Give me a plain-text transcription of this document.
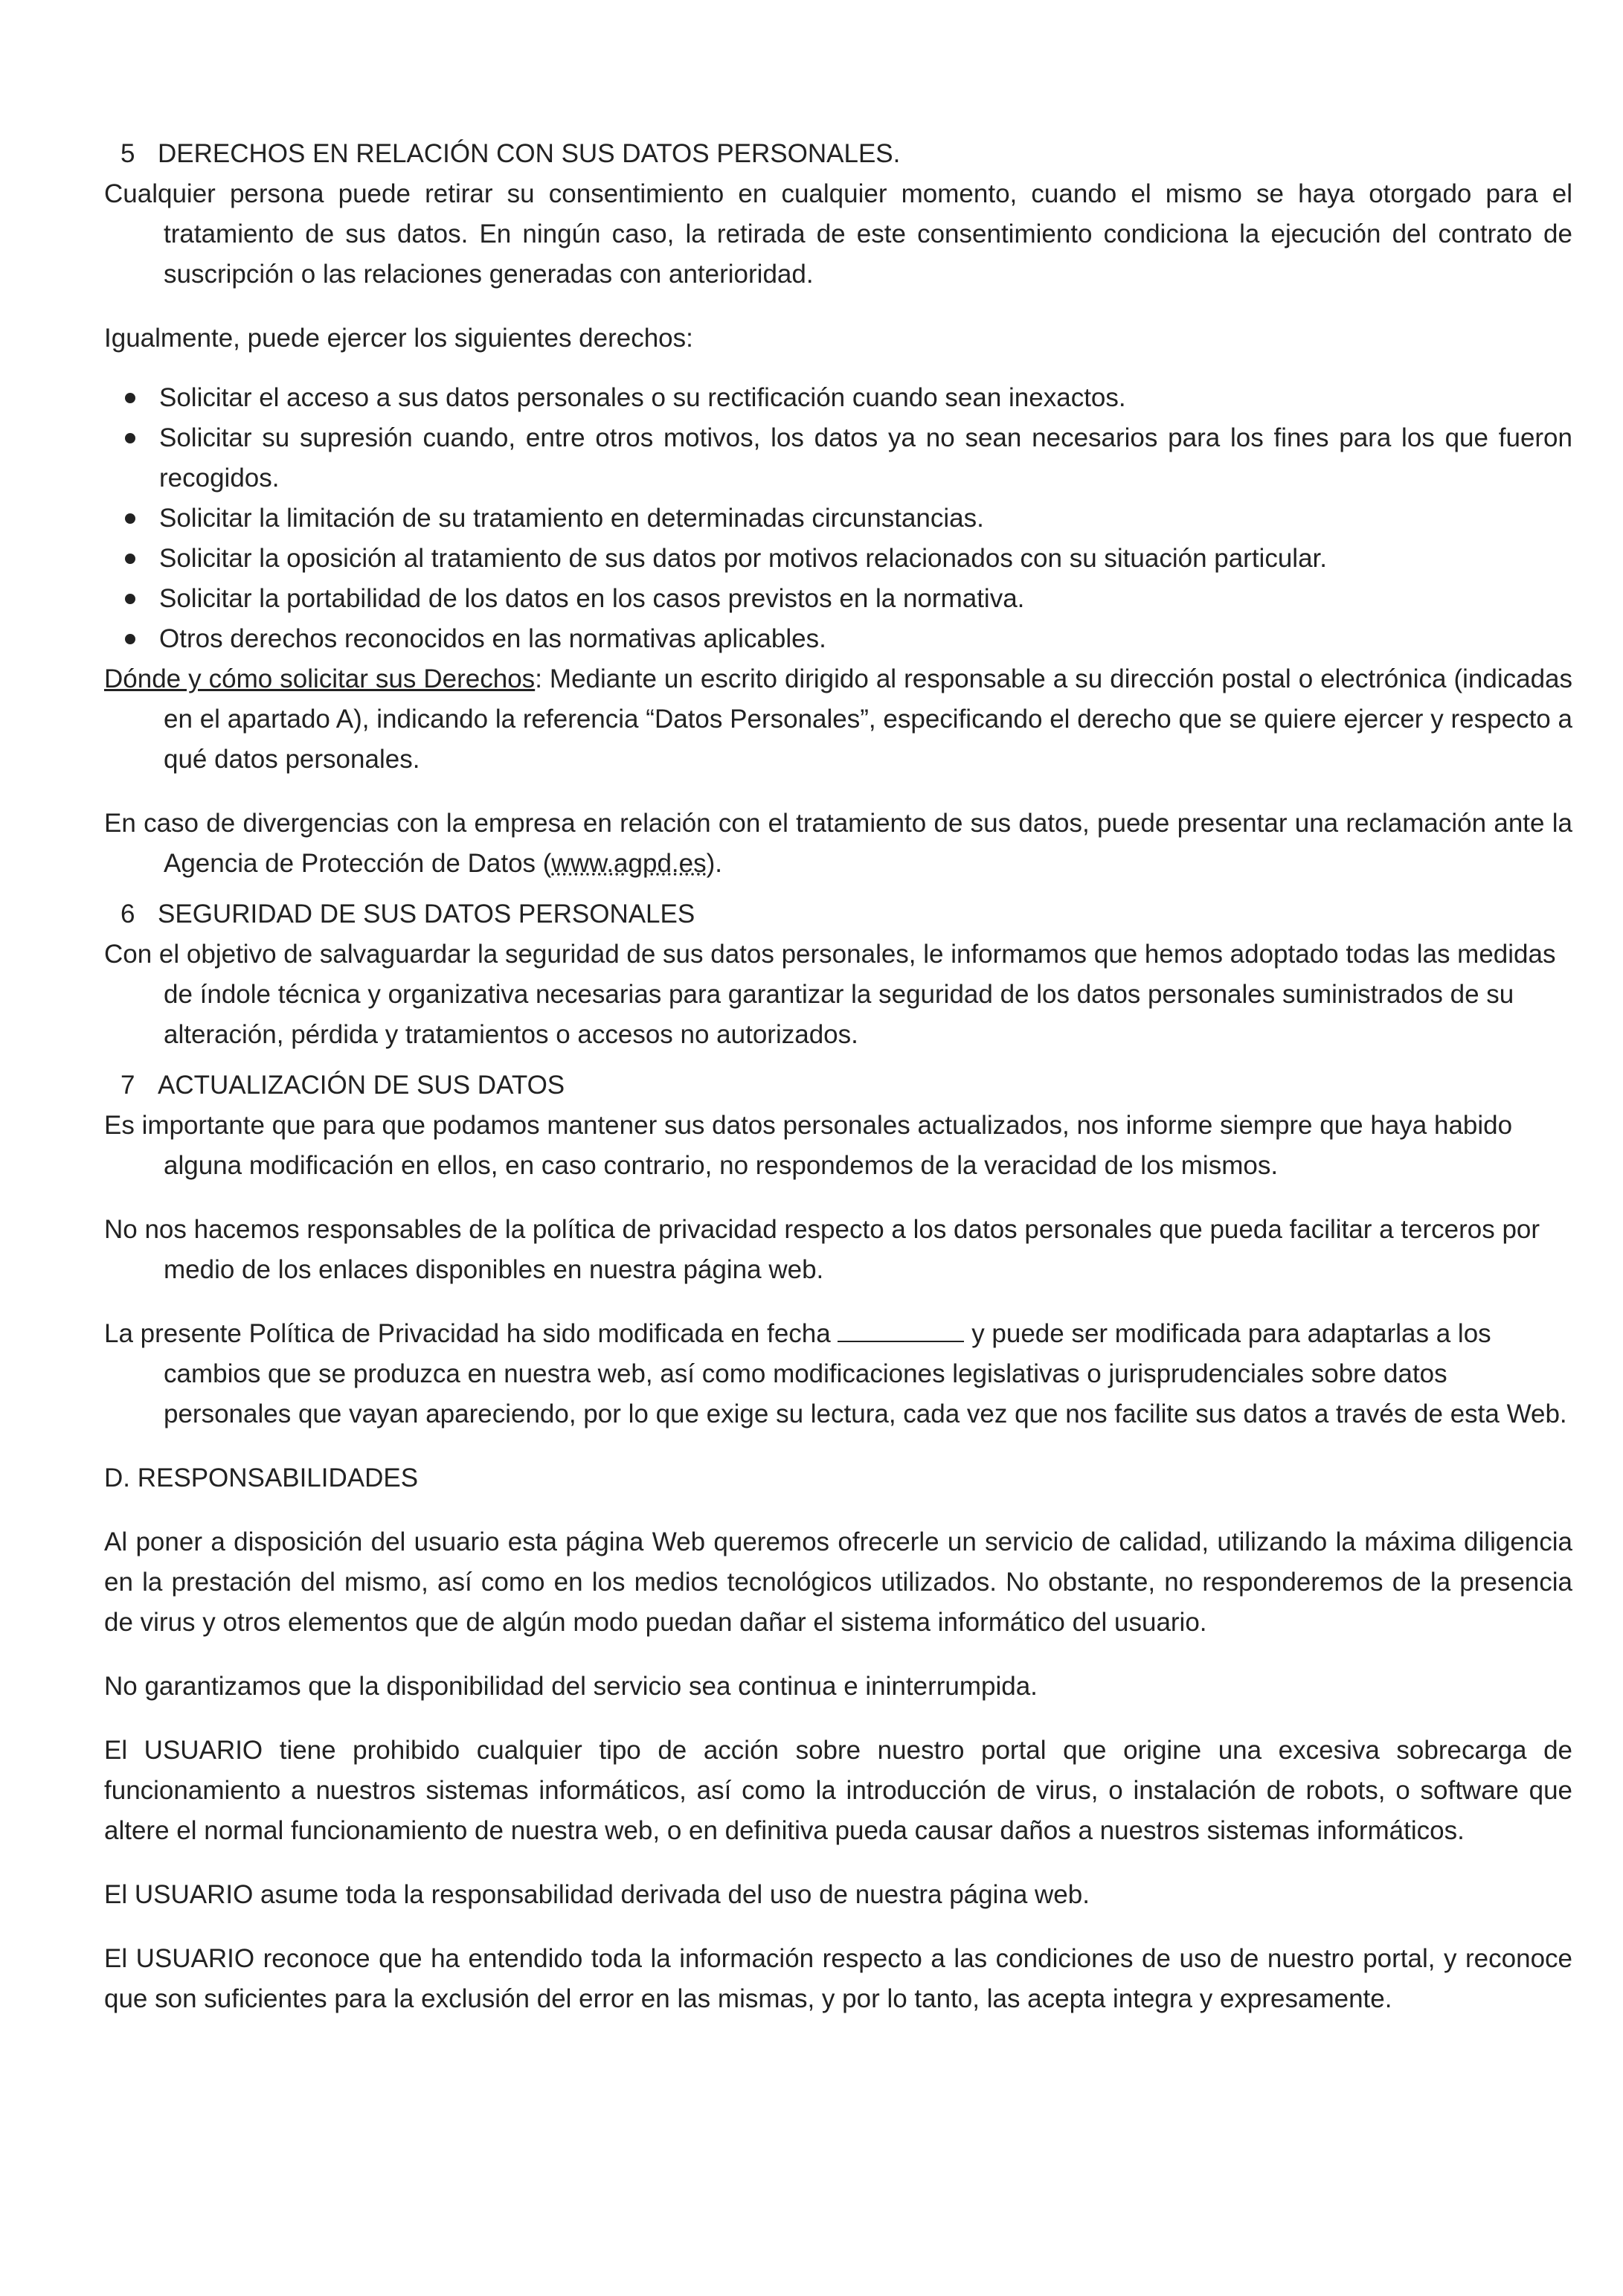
5 DERECHOS EN RELACIÓN CON SUS DATOS PERSONALES.

Cualquier persona puede retirar su consentimiento en cualquier momento, cuando el mismo se haya otorgado para el tratamiento de sus datos. En ningún caso, la retirada de este consentimiento condiciona la ejecución del contrato de suscripción o las relaciones generadas con anterioridad.

Igualmente, puede ejercer los siguientes derechos:

Solicitar el acceso a sus datos personales o su rectificación cuando sean inexactos.
Solicitar su supresión cuando, entre otros motivos, los datos ya no sean necesarios para los fines para los que fueron recogidos.
Solicitar la limitación de su tratamiento en determinadas circunstancias.
Solicitar la oposición al tratamiento de sus datos por motivos relacionados con su situación particular.
Solicitar la portabilidad de los datos en los casos previstos en la normativa.
Otros derechos reconocidos en las normativas aplicables.

Dónde y cómo solicitar sus Derechos: Mediante un escrito dirigido al responsable a su dirección postal o electrónica (indicadas en el apartado A), indicando la referencia “Datos Personales”, especificando el derecho que se quiere ejercer y respecto a qué datos personales.

En caso de divergencias con la empresa en relación con el tratamiento de sus datos, puede presentar una reclamación ante la Agencia de Protección de Datos (www.agpd.es).

6 SEGURIDAD DE SUS DATOS PERSONALES

Con el objetivo de salvaguardar la seguridad de sus datos personales, le informamos que hemos adoptado todas las medidas de índole técnica y organizativa necesarias para garantizar la seguridad de los datos personales suministrados de su alteración, pérdida y tratamientos o accesos no autorizados.

7 ACTUALIZACIÓN DE SUS DATOS

Es importante que para que podamos mantener sus datos personales actualizados, nos informe siempre que haya habido alguna modificación en ellos, en caso contrario, no respondemos de la veracidad de los mismos.

No nos hacemos responsables de la política de privacidad respecto a los datos personales que pueda facilitar a terceros por medio de los enlaces disponibles en nuestra página web.

La presente Política de Privacidad ha sido modificada en fecha	y puede ser modificada para adaptarlas a los cambios que se produzca en nuestra web, así como modificaciones legislativas o jurisprudenciales sobre datos personales que vayan apareciendo, por lo que exige su lectura, cada vez que nos facilite sus datos a través de esta Web.

D. RESPONSABILIDADES

Al poner a disposición del usuario esta página Web queremos ofrecerle un servicio de calidad, utilizando la máxima diligencia en la prestación del mismo, así como en los medios tecnológicos utilizados. No obstante, no responderemos de la presencia de virus y otros elementos que de algún modo puedan dañar el sistema informático del usuario.

No garantizamos que la disponibilidad del servicio sea continua e ininterrumpida.

El USUARIO tiene prohibido cualquier tipo de acción sobre nuestro portal que origine una excesiva sobrecarga de funcionamiento a nuestros sistemas informáticos, así como la introducción de virus, o instalación de robots, o software que altere el normal funcionamiento de nuestra web, o en definitiva pueda causar daños a nuestros sistemas informáticos.

El USUARIO asume toda la responsabilidad derivada del uso de nuestra página web.

El USUARIO reconoce que ha entendido toda la información respecto a las condiciones de uso de nuestro portal, y reconoce que son suficientes para la exclusión del error en las mismas, y por lo tanto, las acepta integra y expresamente.
